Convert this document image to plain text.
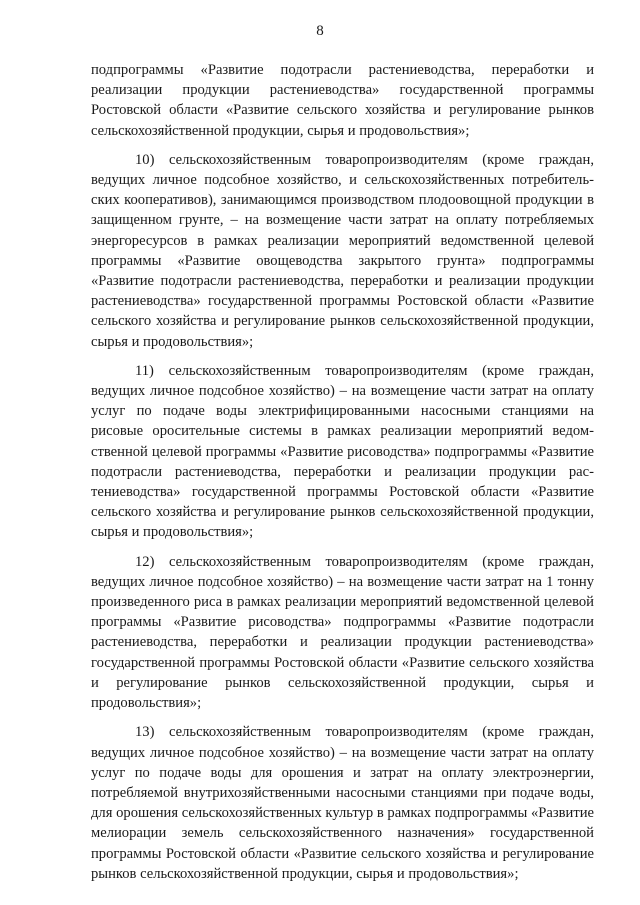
8

подпрограммы «Развитие подотрасли растениеводства, переработки и реализации продукции растениеводства» государственной программы Ростовской области «Развитие сельского хозяйства и регулирование рынков сельскохозяйственной продукции, сырья и продовольствия»;

10) сельскохозяйственным товаропроизводителям (кроме граждан, ведущих личное подсобное хозяйство, и сельскохозяйственных потребительских кооперативов), занимающимся производством плодоовощной продукции в защищенном грунте, – на возмещение части затрат на оплату потребляемых энергоресурсов в рамках реализации мероприятий ведомственной целевой программы «Развитие овощеводства закрытого грунта» подпрограммы «Развитие подотрасли растениеводства, переработки и реализации продукции растениеводства» государственной программы Ростовской области «Развитие сельского хозяйства и регулирование рынков сельскохозяйственной продукции, сырья и продовольствия»;

11) сельскохозяйственным товаропроизводителям (кроме граждан, ведущих личное подсобное хозяйство) – на возмещение части затрат на оплату услуг по подаче воды электрифицированными насосными станциями на рисовые оросительные системы в рамках реализации мероприятий ведомственной целевой программы «Развитие рисоводства» подпрограммы «Развитие подотрасли растениеводства, переработки и реализации продукции растениеводства» государственной программы Ростовской области «Развитие сельского хозяйства и регулирование рынков сельскохозяйственной продукции, сырья и продовольствия»;

12) сельскохозяйственным товаропроизводителям (кроме граждан, ведущих личное подсобное хозяйство) – на возмещение части затрат на 1 тонну произведенного риса в рамках реализации мероприятий ведомственной целевой программы «Развитие рисоводства» подпрограммы «Развитие подотрасли растениеводства, переработки и реализации продукции растениеводства» государственной программы Ростовской области «Развитие сельского хозяйства и регулирование рынков сельскохозяйственной продукции, сырья и продовольствия»;

13) сельскохозяйственным товаропроизводителям (кроме граждан, ведущих личное подсобное хозяйство) – на возмещение части затрат на оплату услуг по подаче воды для орошения и затрат на оплату электроэнергии, потребляемой внутрихозяйственными насосными станциями при подаче воды, для орошения сельскохозяйственных культур в рамках подпрограммы «Развитие мелиорации земель сельскохозяйственного назначения» государственной программы Ростовской области «Развитие сельского хозяйства и регулирование рынков сельскохозяйственной продукции, сырья и продовольствия»;
